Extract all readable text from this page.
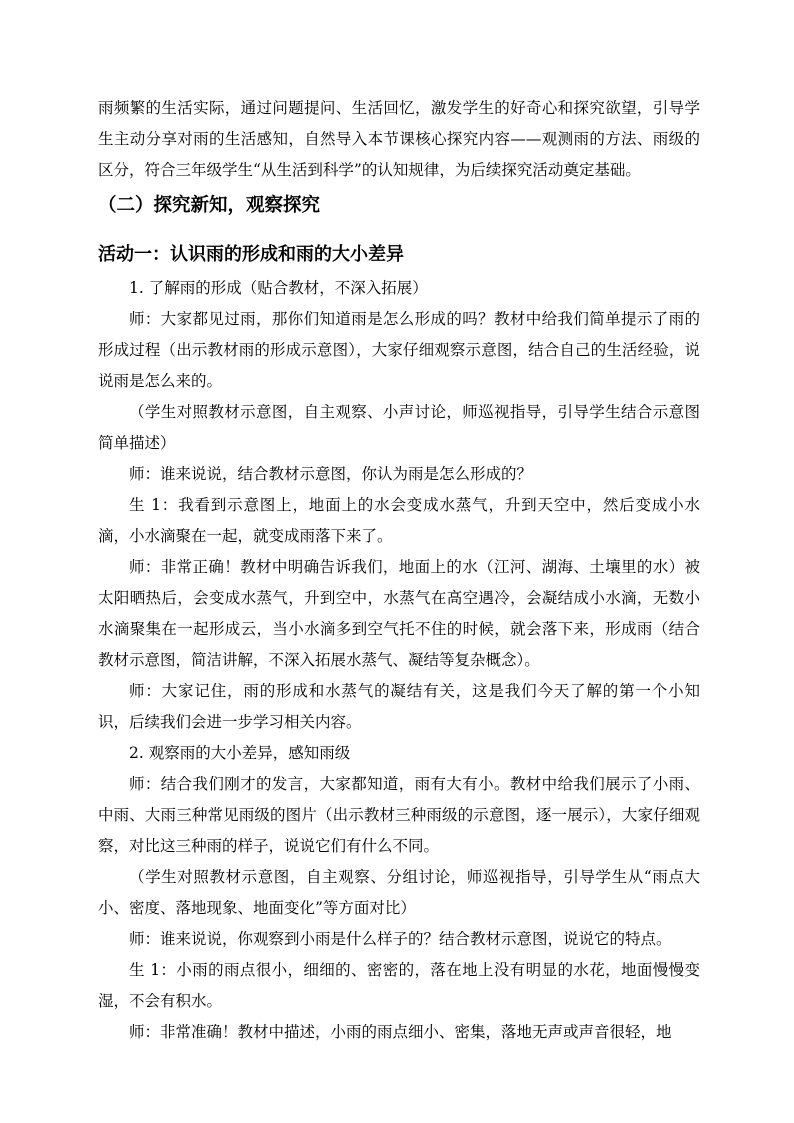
雨频繁的生活实际，通过问题提问、生活回忆，激发学生的好奇心和探究欲望，引导学生主动分享对雨的生活感知，自然导入本节课核心探究内容——观测雨的方法、雨级的区分，符合三年级学生“从生活到科学”的认知规律，为后续探究活动奠定基础。

（二）探究新知，观察探究

活动一：认识雨的形成和雨的大小差异

1. 了解雨的形成（贴合教材，不深入拓展）

师：大家都见过雨，那你们知道雨是怎么形成的吗？教材中给我们简单提示了雨的形成过程（出示教材雨的形成示意图），大家仔细观察示意图，结合自己的生活经验，说说雨是怎么来的。

（学生对照教材示意图，自主观察、小声讨论，师巡视指导，引导学生结合示意图简单描述）

师：谁来说说，结合教材示意图，你认为雨是怎么形成的？

生 1：我看到示意图上，地面上的水会变成水蒸气，升到天空中，然后变成小水滴，小水滴聚在一起，就变成雨落下来了。

师：非常正确！教材中明确告诉我们，地面上的水（江河、湖海、土壤里的水）被太阳晒热后，会变成水蒸气，升到空中，水蒸气在高空遇冷，会凝结成小水滴，无数小水滴聚集在一起形成云，当小水滴多到空气托不住的时候，就会落下来，形成雨（结合教材示意图，简洁讲解，不深入拓展水蒸气、凝结等复杂概念）。

师：大家记住，雨的形成和水蒸气的凝结有关，这是我们今天了解的第一个小知识，后续我们会进一步学习相关内容。

2. 观察雨的大小差异，感知雨级

师：结合我们刚才的发言，大家都知道，雨有大有小。教材中给我们展示了小雨、中雨、大雨三种常见雨级的图片（出示教材三种雨级的示意图，逐一展示），大家仔细观察，对比这三种雨的样子，说说它们有什么不同。

（学生对照教材示意图，自主观察、分组讨论，师巡视指导，引导学生从“雨点大小、密度、落地现象、地面变化”等方面对比）

师：谁来说说，你观察到小雨是什么样子的？结合教材示意图，说说它的特点。

生 1：小雨的雨点很小，细细的、密密的，落在地上没有明显的水花，地面慢慢变湿，不会有积水。

师：非常准确！教材中描述，小雨的雨点细小、密集，落地无声或声音很轻，地
